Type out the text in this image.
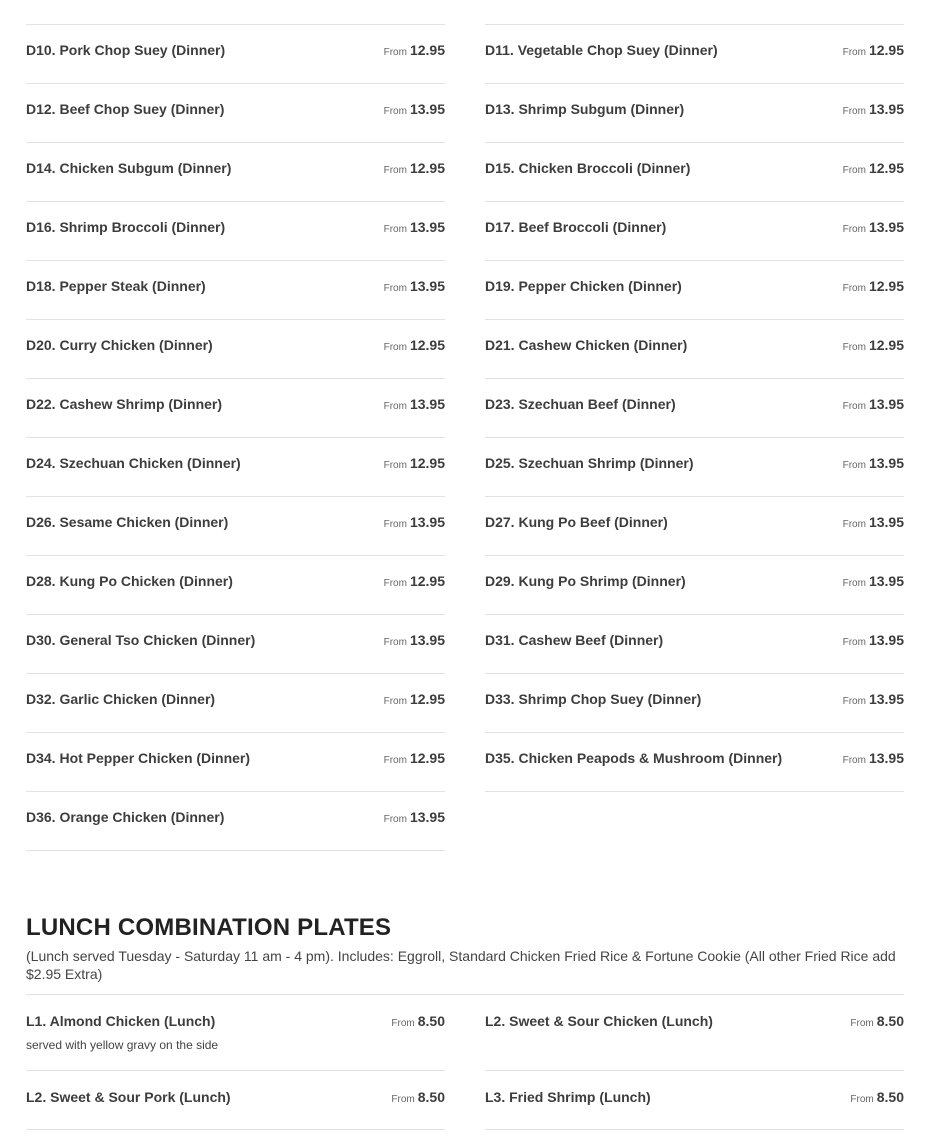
D10. Pork Chop Suey (Dinner)	From 12.95	D11. Vegetable Chop Suey (Dinner)	From 12.95
D12. Beef Chop Suey (Dinner)	From 13.95	D13. Shrimp Subgum (Dinner)	From 13.95
D14. Chicken Subgum (Dinner)	From 12.95	D15. Chicken Broccoli (Dinner)	From 12.95
D16. Shrimp Broccoli (Dinner)	From 13.95	D17. Beef Broccoli (Dinner)	From 13.95
D18. Pepper Steak (Dinner)	From 13.95	D19. Pepper Chicken (Dinner)	From 12.95
D20. Curry Chicken (Dinner)	From 12.95	D21. Cashew Chicken (Dinner)	From 12.95
D22. Cashew Shrimp (Dinner)	From 13.95	D23. Szechuan Beef (Dinner)	From 13.95
D24. Szechuan Chicken (Dinner)	From 12.95	D25. Szechuan Shrimp (Dinner)	From 13.95
D26. Sesame Chicken (Dinner)	From 13.95	D27. Kung Po Beef (Dinner)	From 13.95
D28. Kung Po Chicken (Dinner)	From 12.95	D29. Kung Po Shrimp (Dinner)	From 13.95
D30. General Tso Chicken (Dinner)	From 13.95	D31. Cashew Beef (Dinner)	From 13.95
D32. Garlic Chicken (Dinner)	From 12.95	D33. Shrimp Chop Suey (Dinner)	From 13.95
D34. Hot Pepper Chicken (Dinner)	From 12.95	D35. Chicken Peapods & Mushroom (Dinner)	From 13.95
D36. Orange Chicken (Dinner)	From 13.95
LUNCH COMBINATION PLATES
(Lunch served Tuesday - Saturday 11 am - 4 pm). Includes: Eggroll, Standard Chicken Fried Rice & Fortune Cookie (All other Fried Rice add $2.95 Extra)
L1. Almond Chicken (Lunch)	From 8.50
served with yellow gravy on the side
L2. Sweet & Sour Chicken (Lunch)	From 8.50
L2. Sweet & Sour Pork (Lunch)	From 8.50	L3. Fried Shrimp (Lunch)	From 8.50
